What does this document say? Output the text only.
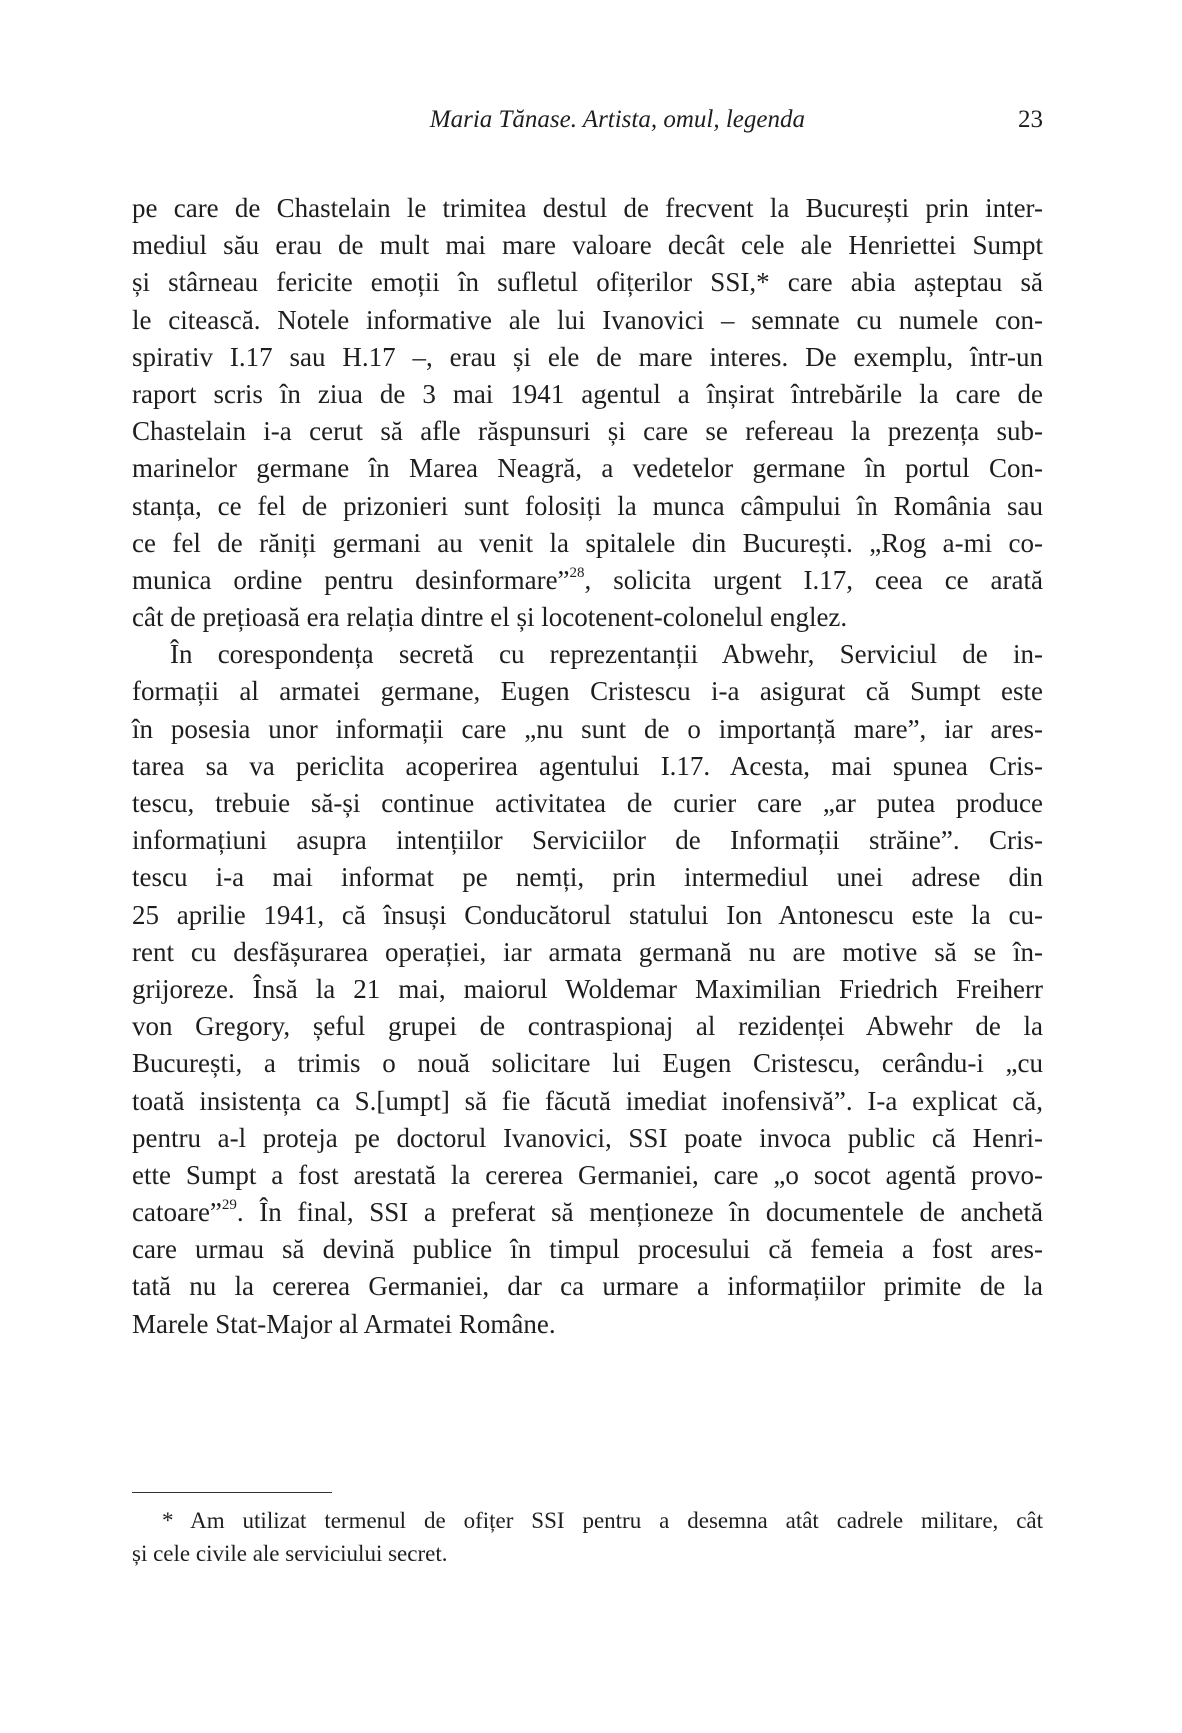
Maria Tănase. Artista, omul, legenda	23
pe care de Chastelain le trimitea destul de frecvent la București prin inter-
mediul său erau de mult mai mare valoare decât cele ale Henriettei Sumpt
și stârneau fericite emoții în sufletul ofițerilor SSI,* care abia așteptau să
le citească. Notele informative ale lui Ivanovici – semnate cu numele con-
spirativ I.17 sau H.17 –, erau și ele de mare interes. De exemplu, într-un
raport scris în ziua de 3 mai 1941 agentul a înșirat întrebările la care de
Chastelain i-a cerut să afle răspunsuri și care se refereau la prezența sub-
marinelor germane în Marea Neagră, a vedetelor germane în portul Con-
stanța, ce fel de prizonieri sunt folosiți la munca câmpului în România sau
ce fel de răniți germani au venit la spitalele din București. „Rog a-mi co-
munica ordine pentru desinformare”$^{28}$, solicita urgent I.17, ceea ce arată
cât de prețioasă era relația dintre el și locotenent-colonelul englez.
În corespondența secretă cu reprezentanții Abwehr, Serviciul de in-
formații al armatei germane, Eugen Cristescu i-a asigurat că Sumpt este
în posesia unor informații care „nu sunt de o importanță mare”, iar ares-
tarea sa va periclita acoperirea agentului I.17. Acesta, mai spunea Cris-
tescu, trebuie să-și continue activitatea de curier care „ar putea produce
informațiuni asupra intențiilor Serviciilor de Informații străine”. Cris-
tescu i-a mai informat pe nemți, prin intermediul unei adrese din
25 aprilie 1941, că însuși Conducătorul statului Ion Antonescu este la cu-
rent cu desfășurarea operației, iar armata germană nu are motive să se în-
grijoreze. Însă la 21 mai, maiorul Woldemar Maximilian Friedrich Freiherr
von Gregory, șeful grupei de contraspionaj al rezidenței Abwehr de la
București, a trimis o nouă solicitare lui Eugen Cristescu, cerându-i „cu
toată insistența ca S.[umpt] să fie făcută imediat inofensivă”. I-a explicat că,
pentru a-l proteja pe doctorul Ivanovici, SSI poate invoca public că Henri-
ette Sumpt a fost arestată la cererea Germaniei, care „o socot agentă provo-
catoare”$^{29}$. În final, SSI a preferat să menționeze în documentele de anchetă
care urmau să devină publice în timpul procesului că femeia a fost ares-
tată nu la cererea Germaniei, dar ca urmare a informațiilor primite de la
Marele Stat-Major al Armatei Române.
* Am utilizat termenul de ofițer SSI pentru a desemna atât cadrele militare, cât
și cele civile ale serviciului secret.
